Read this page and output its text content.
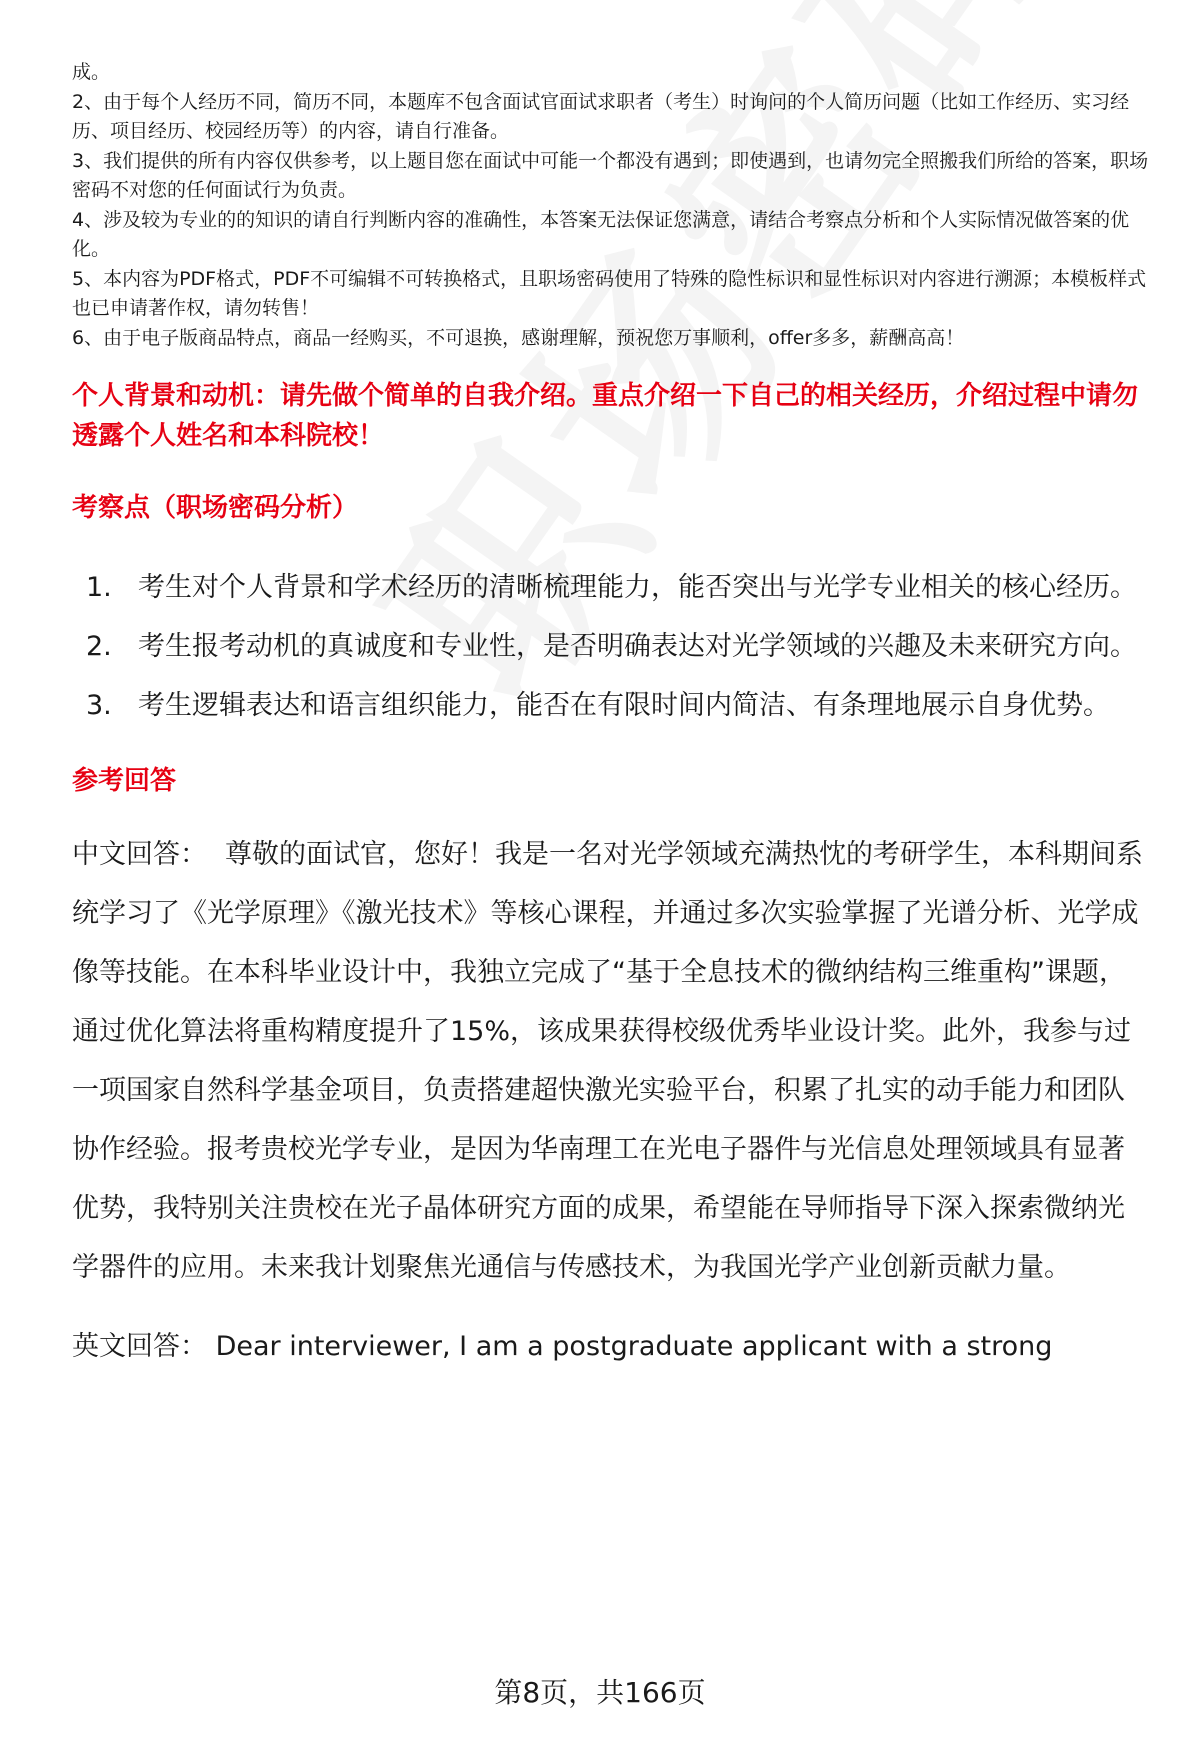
成。

2、由于每个人经历不同，简历不同，本题库不包含面试官面试求职者（考生）时询问的个人简历问题（比如工作经历、实习经历、项目经历、校园经历等）的内容，请自行准备。

3、我们提供的所有内容仅供参考，以上题目您在面试中可能一个都没有遇到；即使遇到，也请勿完全照搬我们所给的答案，职场密码不对您的任何面试行为负责。

4、涉及较为专业的的知识的请自行判断内容的准确性，本答案无法保证您满意，请结合考察点分析和个人实际情况做答案的优化。

5、本内容为PDF格式，PDF不可编辑不可转换格式，且职场密码使用了特殊的隐性标识和显性标识对内容进行溯源；本模板样式也已申请著作权，请勿转售！

6、由于电子版商品特点，商品一经购买，不可退换，感谢理解，预祝您万事顺利，offer多多，薪酬高高！

个人背景和动机：请先做个简单的自我介绍。重点介绍一下自己的相关经历，介绍过程中请勿透露个人姓名和本科院校！

考察点（职场密码分析）

1. 考生对个人背景和学术经历的清晰梳理能力，能否突出与光学专业相关的核心经历。
2. 考生报考动机的真诚度和专业性，是否明确表达对光学领域的兴趣及未来研究方向。
3. 考生逻辑表达和语言组织能力，能否在有限时间内简洁、有条理地展示自身优势。

参考回答

中文回答： 尊敬的面试官，您好！我是一名对光学领域充满热忱的考研学生，本科期间系统学习了《光学原理》《激光技术》等核心课程，并通过多次实验掌握了光谱分析、光学成像等技能。在本科毕业设计中，我独立完成了“基于全息技术的微纳结构三维重构”课题，通过优化算法将重构精度提升了15%，该成果获得校级优秀毕业设计奖。此外，我参与过一项国家自然科学基金项目，负责搭建超快激光实验平台，积累了扎实的动手能力和团队协作经验。报考贵校光学专业，是因为华南理工在光电子器件与光信息处理领域具有显著优势，我特别关注贵校在光子晶体研究方面的成果，希望能在导师指导下深入探索微纳光学器件的应用。未来我计划聚焦光通信与传感技术，为我国光学产业创新贡献力量。

英文回答： Dear interviewer, I am a postgraduate applicant with a strong

第8页，共166页
